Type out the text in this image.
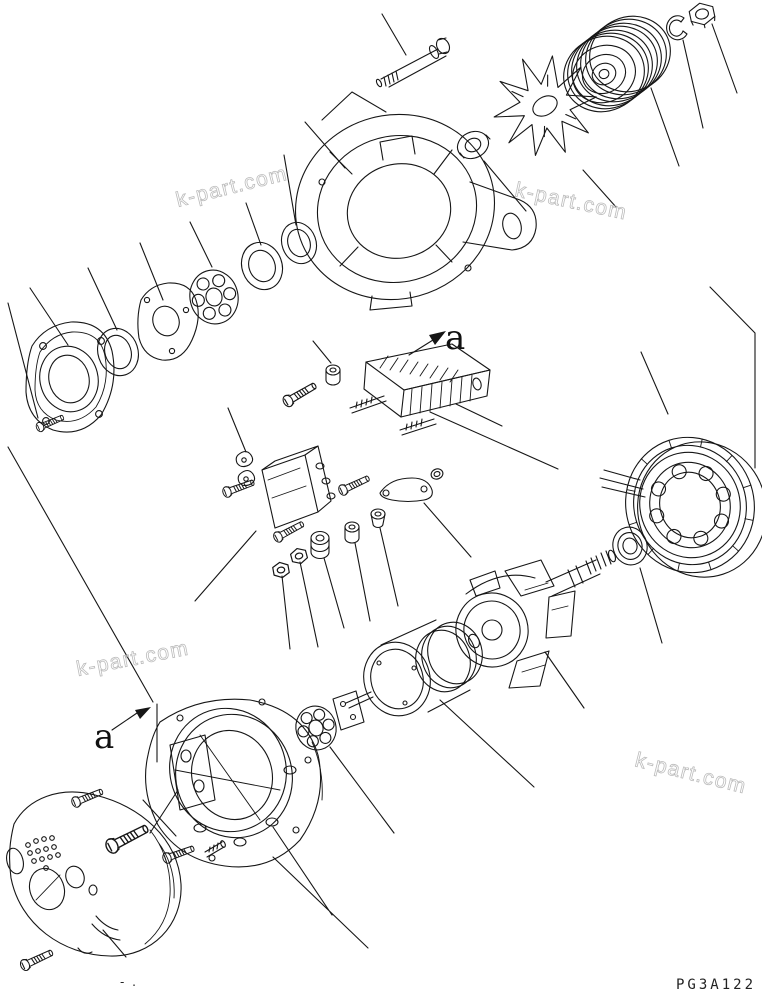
a
a
k-part.com	k-part.com
k-part.com
k-part.com
- .	PG3A122
